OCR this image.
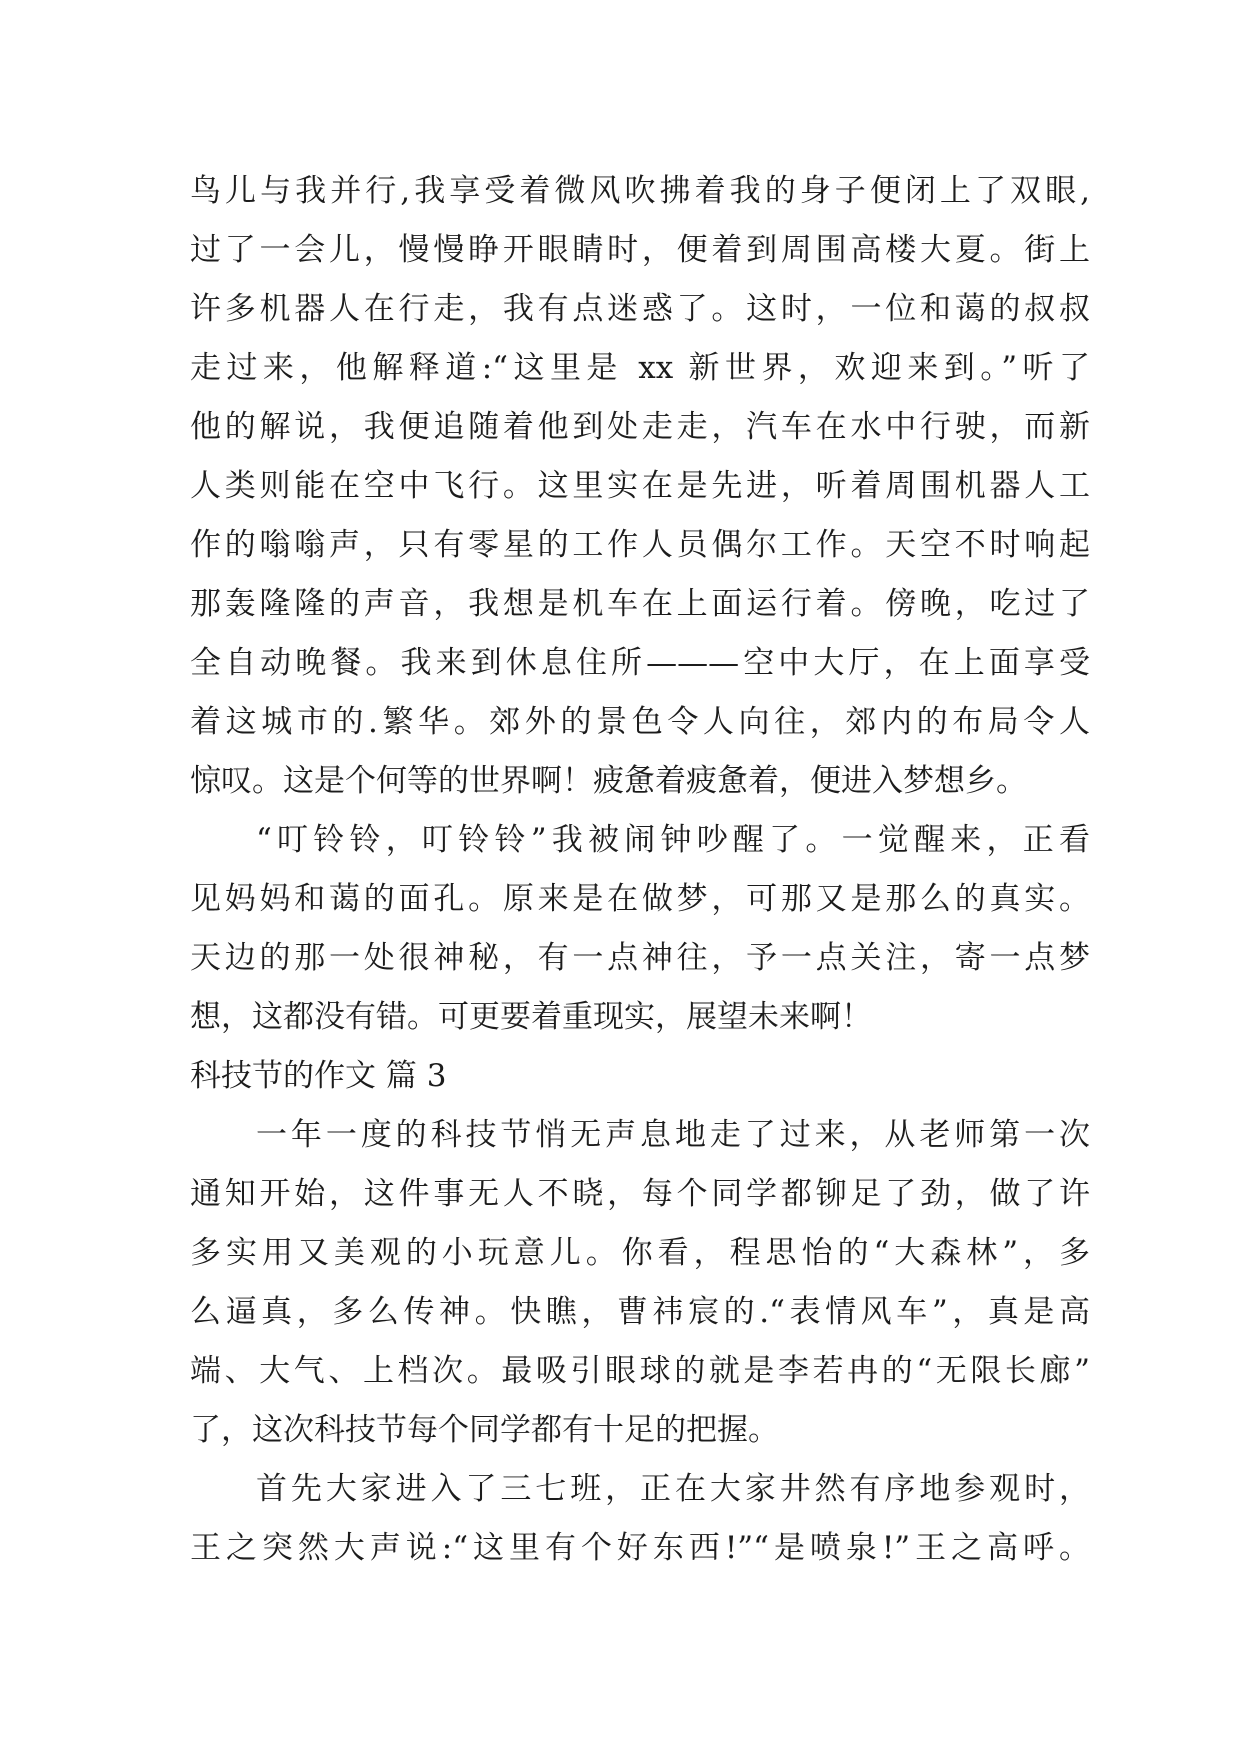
鸟儿与我并行,我享受着微风吹拂着我的身子便闭上了双眼,
过了一会儿，慢慢睁开眼睛时，便着到周围高楼大夏。街上
许多机器人在行走，我有点迷惑了。这时，一位和蔼的叔叔
走过来，他解释道:“这里是 xx 新世界，欢迎来到。”听了
他的解说，我便追随着他到处走走，汽车在水中行驶，而新
人类则能在空中飞行。这里实在是先进，听着周围机器人工
作的嗡嗡声，只有零星的工作人员偶尔工作。天空不时响起
那轰隆隆的声音，我想是机车在上面运行着。傍晚，吃过了
全自动晚餐。我来到休息住所———空中大厅，在上面享受
着这城市的.繁华。郊外的景色令人向往，郊内的布局令人
惊叹。这是个何等的世界啊！疲惫着疲惫着，便进入梦想乡。
“叮铃铃，叮铃铃”我被闹钟吵醒了。一觉醒来，正看
见妈妈和蔼的面孔。原来是在做梦，可那又是那么的真实。
天边的那一处很神秘，有一点神往，予一点关注，寄一点梦
想，这都没有错。可更要着重现实，展望未来啊！
科技节的作文 篇 3
一年一度的科技节悄无声息地走了过来，从老师第一次
通知开始，这件事无人不晓，每个同学都铆足了劲，做了许
多实用又美观的小玩意儿。你看，程思怡的“大森林”，多
么逼真，多么传神。快瞧，曹祎宸的.“表情风车”，真是高
端、大气、上档次。最吸引眼球的就是李若冉的“无限长廊”
了，这次科技节每个同学都有十足的把握。
首先大家进入了三七班，正在大家井然有序地参观时，
王之突然大声说:“这里有个好东西!”“是喷泉!”王之高呼。
